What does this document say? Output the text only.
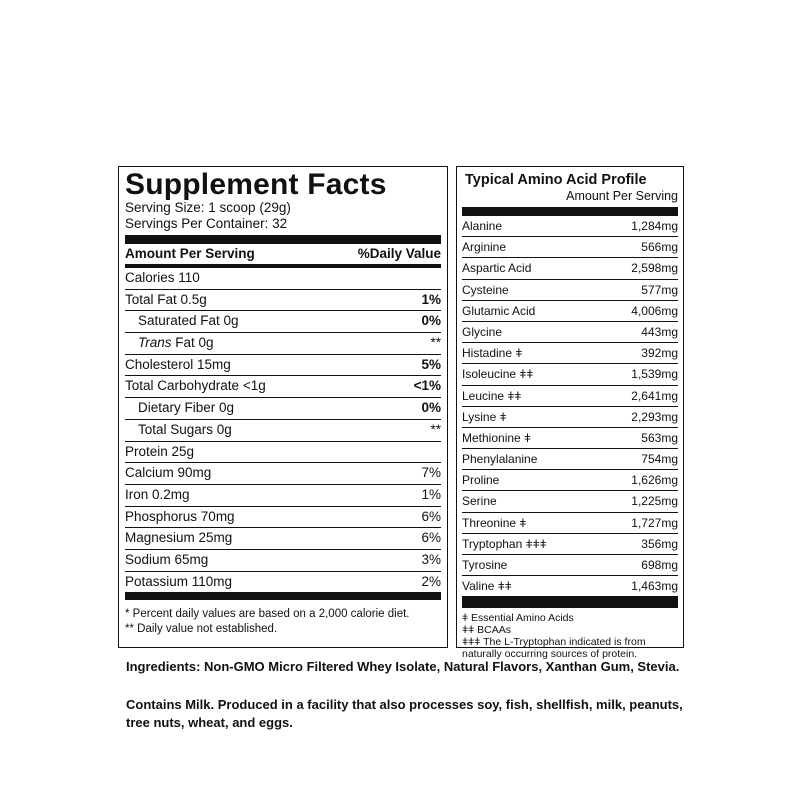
Supplement Facts
Serving Size: 1 scoop (29g)
Servings Per Container: 32
Amount Per Serving	%Daily Value
Calories 110
Total Fat 0.5g	1%
Saturated Fat 0g	0%
Trans Fat 0g	**
Cholesterol 15mg	5%
Total Carbohydrate <1g	<1%
Dietary Fiber 0g	0%
Total Sugars 0g	**
Protein 25g
Calcium 90mg	7%
Iron 0.2mg	1%
Phosphorus 70mg	6%
Magnesium 25mg	6%
Sodium 65mg	3%
Potassium 110mg	2%
* Percent daily values are based on a 2,000 calorie diet.
** Daily value not established.
Typical Amino Acid Profile
Amount Per Serving
Alanine	1,284mg
Arginine	566mg
Aspartic Acid	2,598mg
Cysteine	577mg
Glutamic Acid	4,006mg
Glycine	443mg
Histadine ǂ	392mg
Isoleucine ǂǂ	1,539mg
Leucine ǂǂ	2,641mg
Lysine ǂ	2,293mg
Methionine ǂ	563mg
Phenylalanine	754mg
Proline	1,626mg
Serine	1,225mg
Threonine ǂ	1,727mg
Tryptophan ǂǂǂ	356mg
Tyrosine	698mg
Valine ǂǂ	1,463mg
ǂ Essential Amino Acids
ǂǂ BCAAs
ǂǂǂ The L-Tryptophan indicated is from naturally occurring sources of protein.
Ingredients: Non-GMO Micro Filtered Whey Isolate, Natural Flavors, Xanthan Gum, Stevia.
Contains Milk. Produced in a facility that also processes soy, fish, shellfish, milk, peanuts, tree nuts, wheat, and eggs.
